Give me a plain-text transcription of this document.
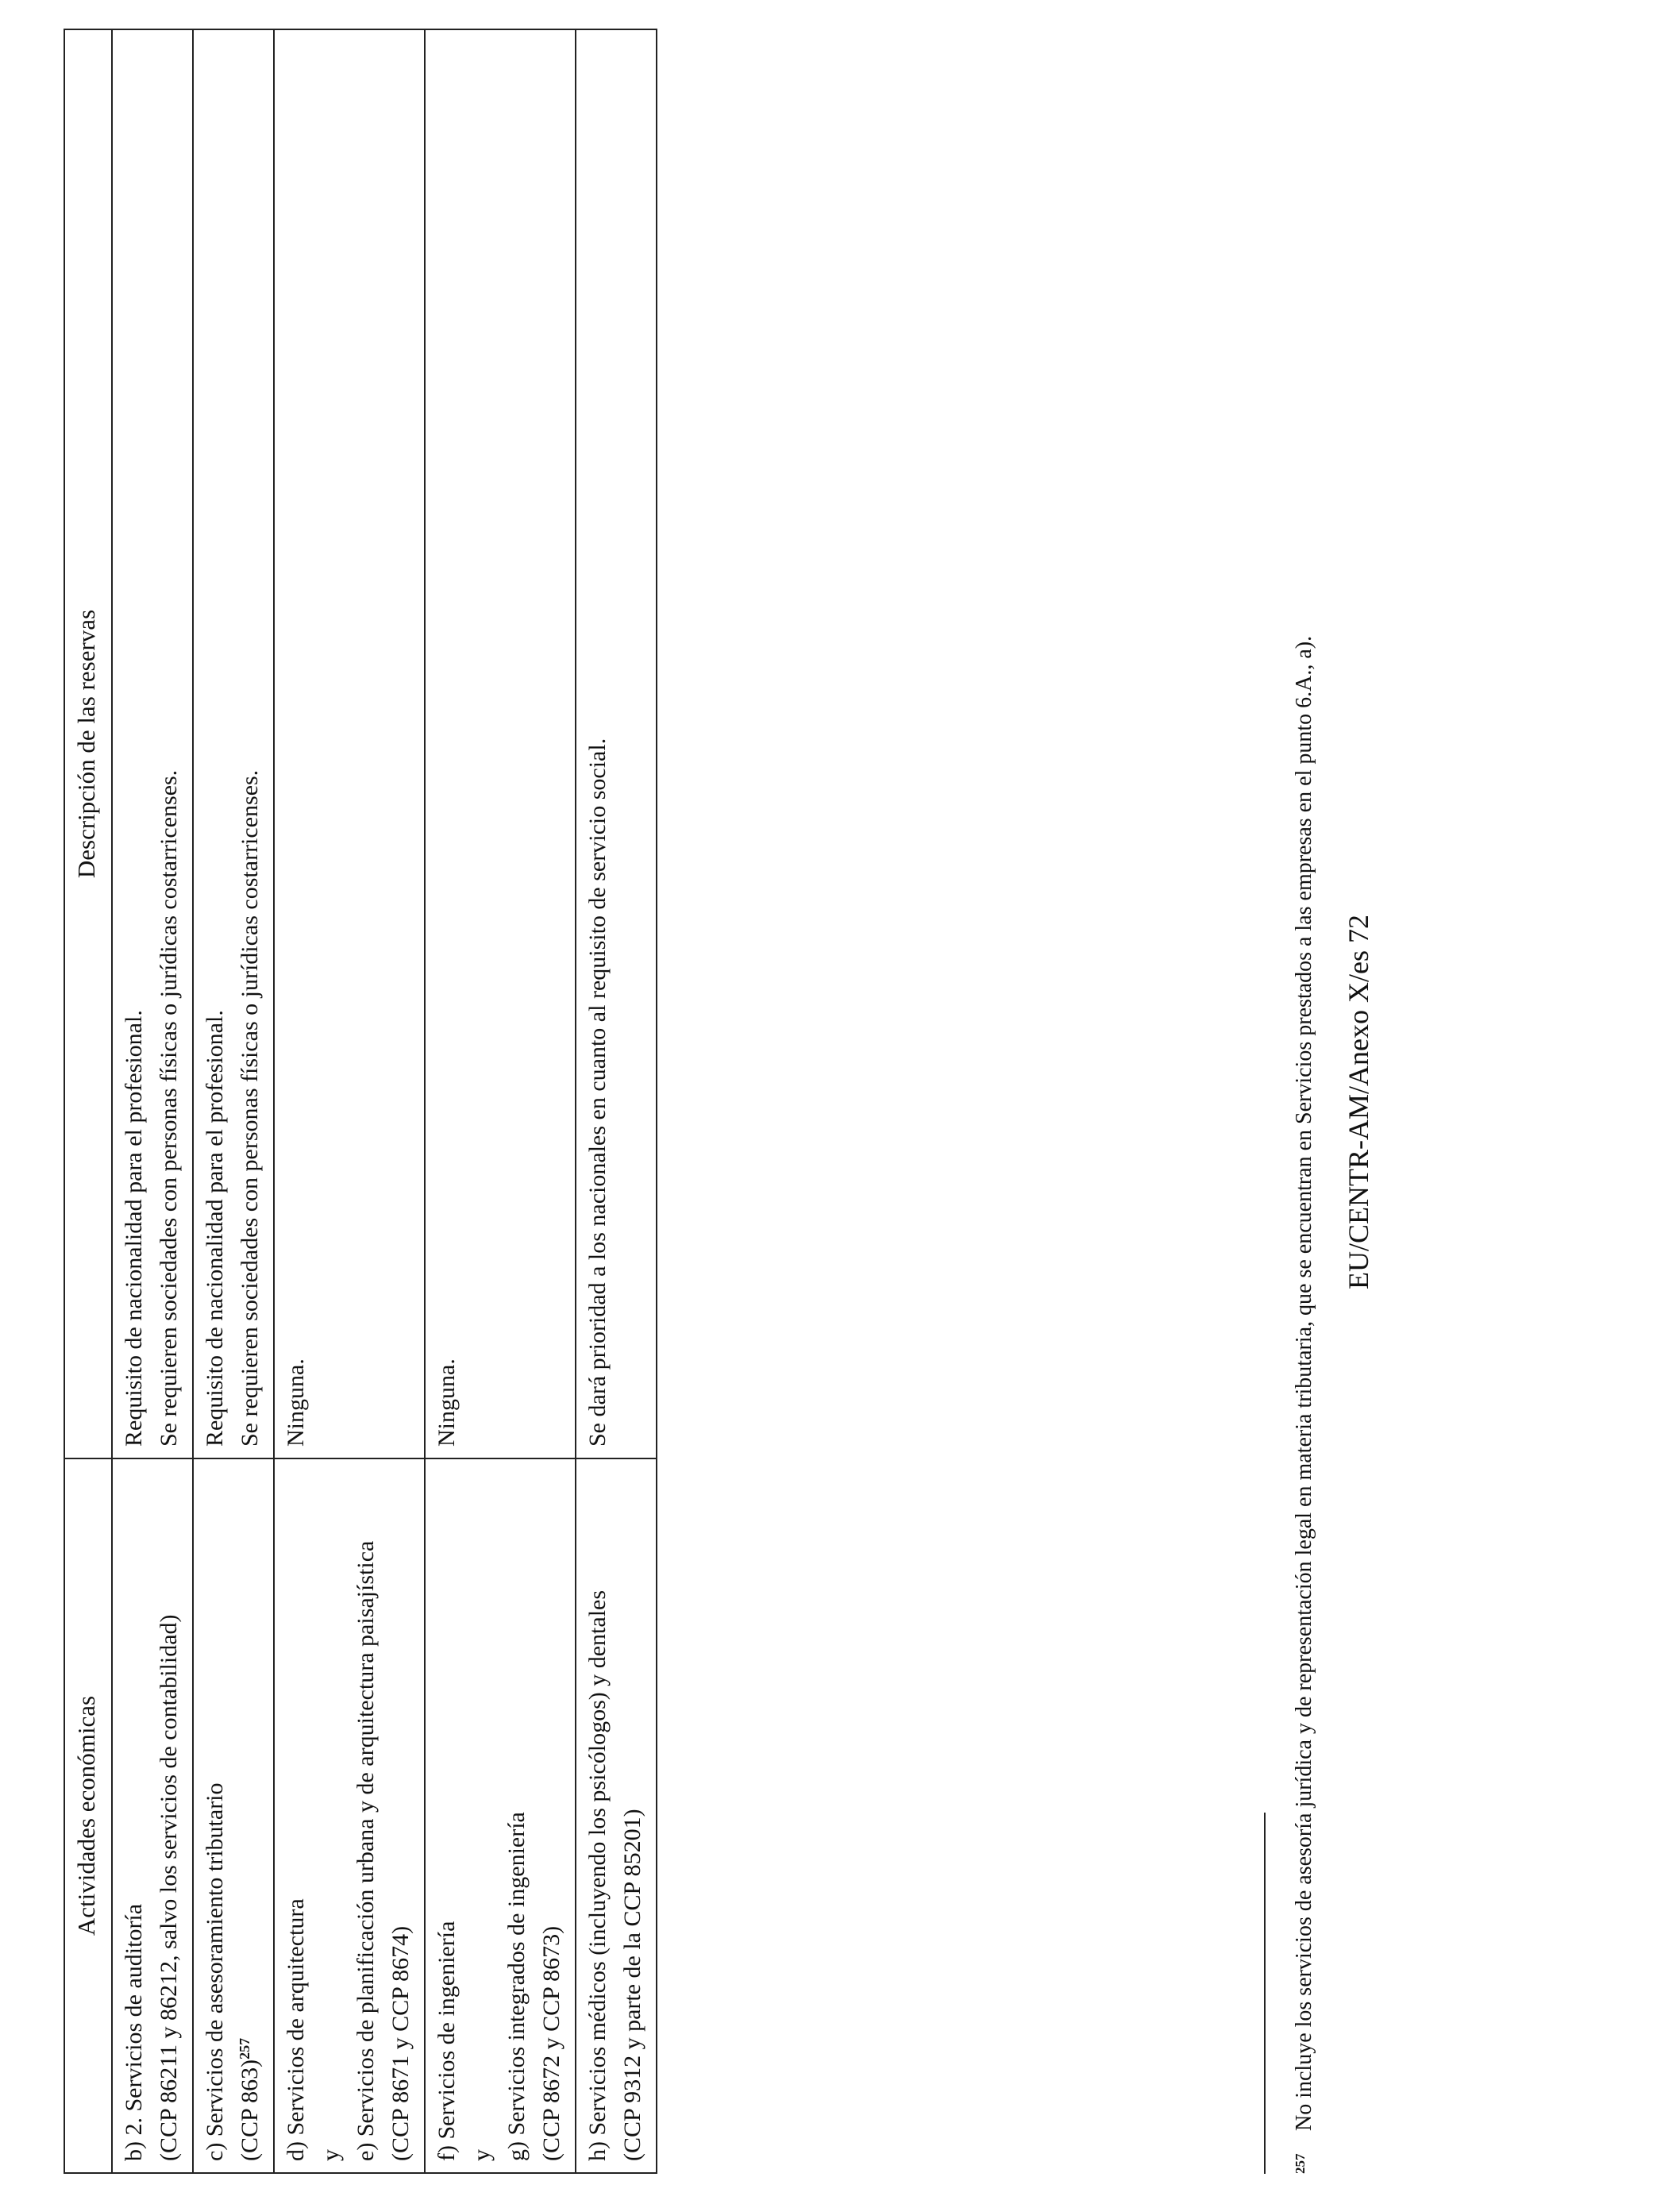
Actividades económicas	Descripción de las reservas

b) 2. Servicios de auditoría (CCP 86211 y 86212, salvo los servicios de contabilidad)	Requisito de nacionalidad para el profesional. Se requieren sociedades con personas físicas o jurídicas costarricenses.

c) Servicios de asesoramiento tributario (CCP 863)$^{257}$	Requisito de nacionalidad para el profesional. Se requieren sociedades con personas físicas o jurídicas costarricenses.

d) Servicios de arquitectura y e) Servicios de planificación urbana y de arquitectura paisajística (CCP 8671 y CCP 8674)	Ninguna.

f) Servicios de ingeniería y g) Servicios integrados de ingeniería (CCP 8672 y CCP 8673)	Ninguna.

h) Servicios médicos (incluyendo los psicólogos) y dentales (CCP 9312 y parte de la CCP 85201)	Se dará prioridad a los nacionales en cuanto al requisito de servicio social.
257No incluye los servicios de asesoría jurídica y de representación legal en materia tributaria, que se encuentran en Servicios prestados a las empresas en el punto 6.A., a). EU/CENTR-AM/Anexo X/es 72
